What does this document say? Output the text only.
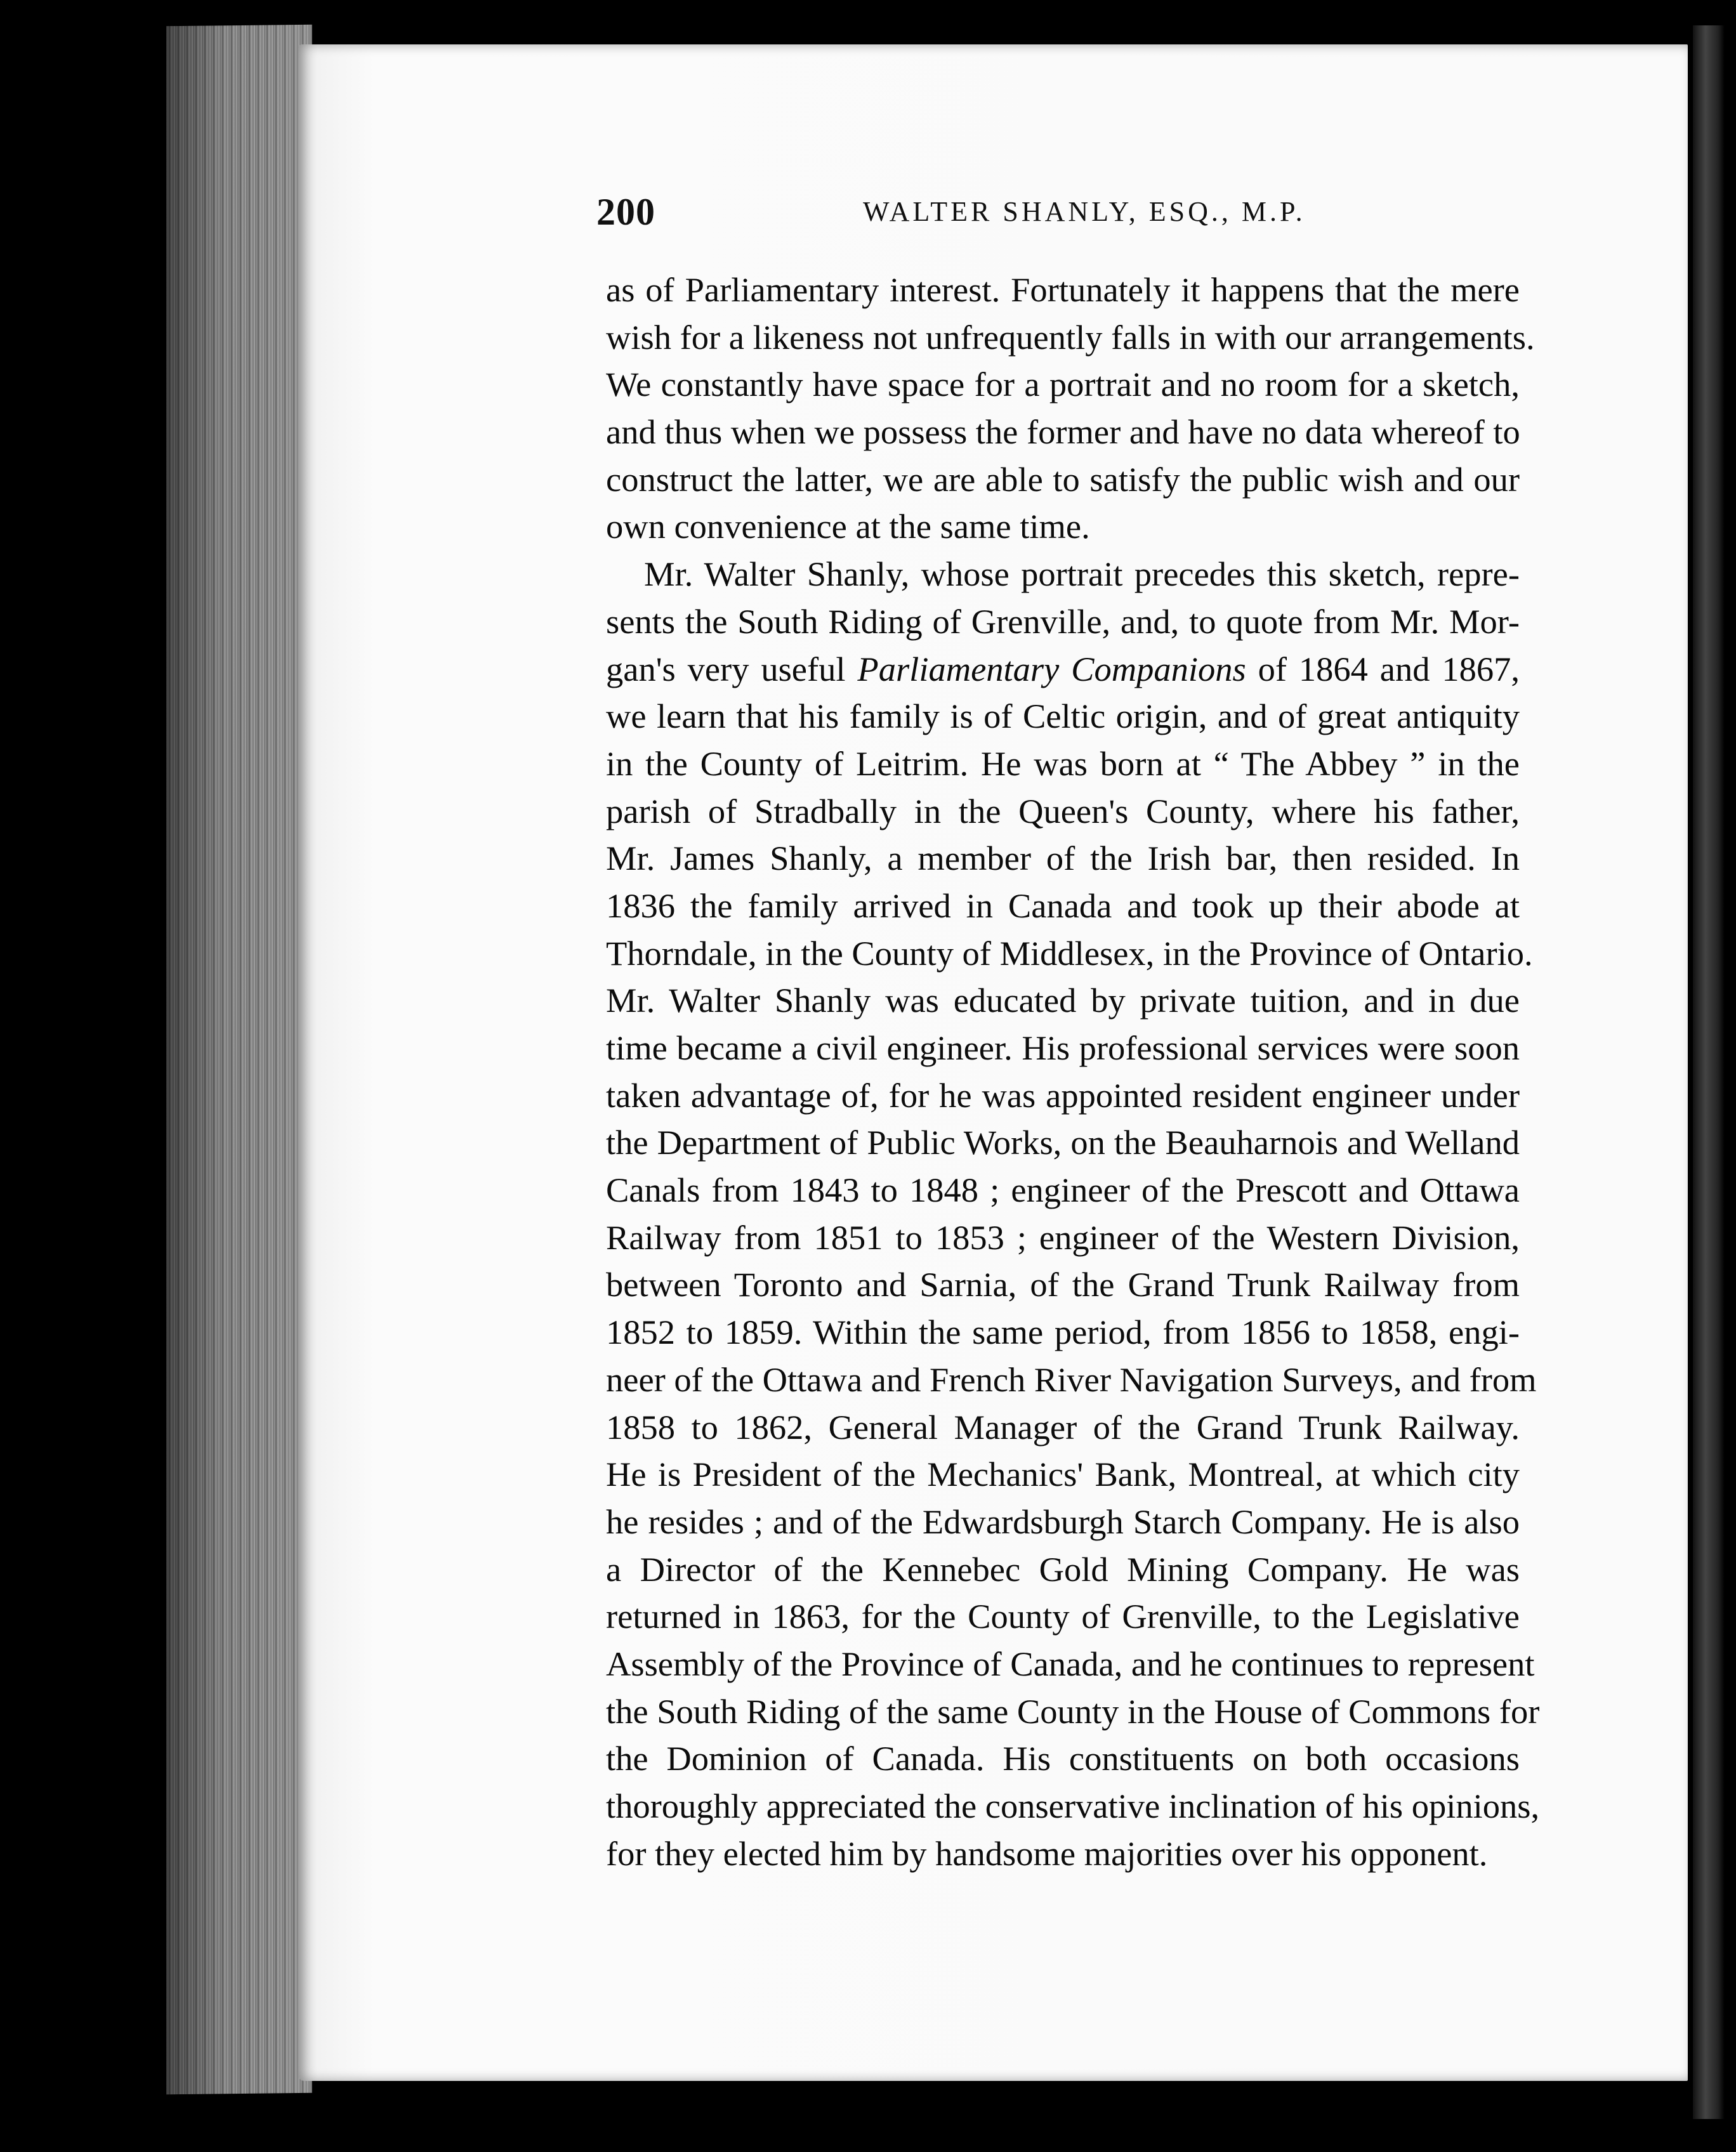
200	WALTER SHANLY, ESQ., M.P.
as of Parliamentary interest. Fortunately it happens that the mere
wish for a likeness not unfrequently falls in with our arrangements.
We constantly have space for a portrait and no room for a sketch,
and thus when we possess the former and have no data whereof to
construct the latter, we are able to satisfy the public wish and our
own convenience at the same time.
Mr. Walter Shanly, whose portrait precedes this sketch, repre-
sents the South Riding of Grenville, and, to quote from Mr. Mor-
gan's very useful Parliamentary Companions of 1864 and 1867,
we learn that his family is of Celtic origin, and of great antiquity
in the County of Leitrim. He was born at “ The Abbey ” in the
parish of Stradbally in the Queen's County, where his father,
Mr. James Shanly, a member of the Irish bar, then resided. In
1836 the family arrived in Canada and took up their abode at
Thorndale, in the County of Middlesex, in the Province of Ontario.
Mr. Walter Shanly was educated by private tuition, and in due
time became a civil engineer. His professional services were soon
taken advantage of, for he was appointed resident engineer under
the Department of Public Works, on the Beauharnois and Welland
Canals from 1843 to 1848 ; engineer of the Prescott and Ottawa
Railway from 1851 to 1853 ; engineer of the Western Division,
between Toronto and Sarnia, of the Grand Trunk Railway from
1852 to 1859. Within the same period, from 1856 to 1858, engi-
neer of the Ottawa and French River Navigation Surveys, and from
1858 to 1862, General Manager of the Grand Trunk Railway.
He is President of the Mechanics' Bank, Montreal, at which city
he resides ; and of the Edwardsburgh Starch Company. He is also
a Director of the Kennebec Gold Mining Company. He was
returned in 1863, for the County of Grenville, to the Legislative
Assembly of the Province of Canada, and he continues to represent
the South Riding of the same County in the House of Commons for
the Dominion of Canada. His constituents on both occasions
thoroughly appreciated the conservative inclination of his opinions,
for they elected him by handsome majorities over his opponent.
